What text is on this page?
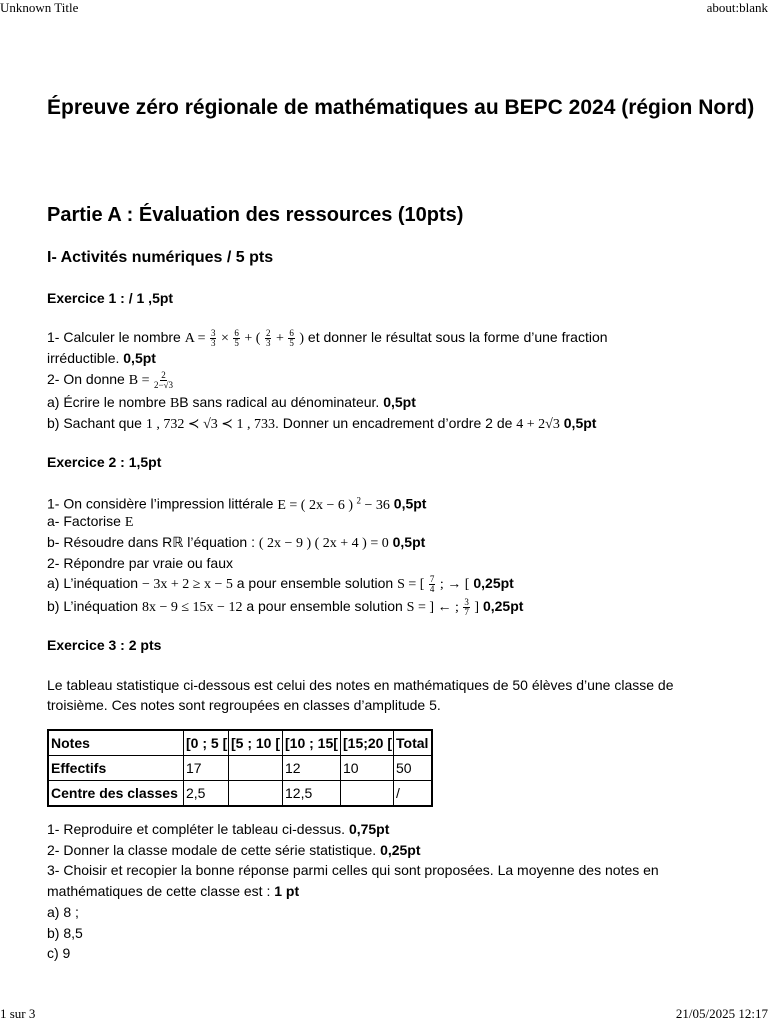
Unknown Title	about:blank
Épreuve zéro régionale de mathématiques au BEPC 2024 (région Nord)
Partie A : Évaluation des ressources (10pts)
I- Activités numériques / 5 pts
Exercice 1 : / 1 ,5pt

1- Calculer le nombre $A = \frac{3}{3} \times \frac{6}{5}$ + ( $\frac{2}{3} + \frac{6}{5}$ ) et donner le résultat sous la forme d’une fraction

irréductible. 0,5pt

2- On donne $B = \frac{2}{2-√3}$

a) Écrire le nombre BB sans radical au dénominateur. 0,5pt

b) Sachant que 1 , 732 ≺ √3 ≺ 1 , 733. Donner un encadrement d’ordre 2 de 4 + 2√3 0,5pt

Exercice 2 : 1,5pt

1- On considère l’impression littérale E = ( 2x − 6 ) $^2$ − 36 0,5pt

a- Factorise E

b- Résoudre dans Rℝ l’équation : ( 2x − 9 ) ( 2x + 4 ) = 0 0,5pt

2- Répondre par vraie ou faux

a) L’inéquation − 3x + 2 ≥ x − 5 a pour ensemble solution S = [ $\frac{7}{4}$ ; → [ 0,25pt

b) L’inéquation 8x − 9 ≤ 15x − 12 a pour ensemble solution S = ] ← ; $\frac{3}{7}$ ] 0,25pt

Exercice 3 : 2 pts

Le tableau statistique ci-dessous est celui des notes en mathématiques de 50 élèves d’une classe de

troisième. Ces notes sont regroupées en classes d’amplitude 5.

Notes	[0 ; 5 [	[5 ; 10 [	[10 ; 15[	[15;20 [	Total
Effectifs	17		12	10	50
Centre des classes	2,5		12,5		/

1- Reproduire et compléter le tableau ci-dessus. 0,75pt

2- Donner la classe modale de cette série statistique. 0,25pt

3- Choisir et recopier la bonne réponse parmi celles qui sont proposées. La moyenne des notes en

mathématiques de cette classe est : 1 pt

a) 8 ;

b) 8,5

c) 9

1 sur 3	21/05/2025 12:17
